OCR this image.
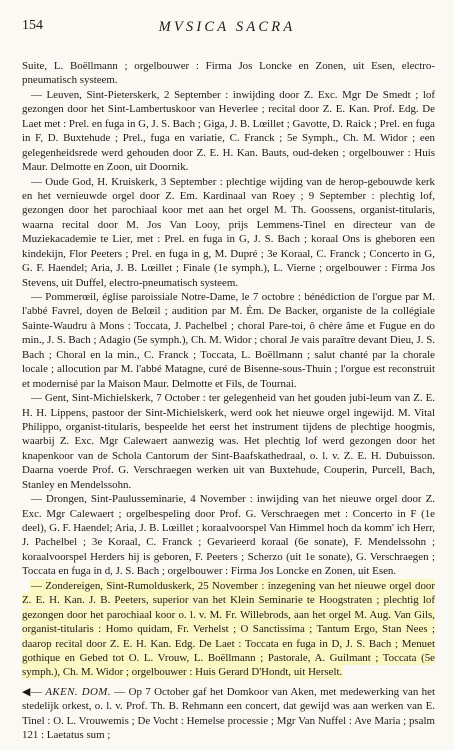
154	MVSICA SACRA

Suite, L. Boëllmann ; orgelbouwer : Firma Jos Loncke en Zonen, uit Esen, electro-pneumatisch systeem.

— Leuven, Sint-Pieterskerk, 2 September : inwijding door Z. Exc. Mgr De Smedt ; lof gezongen door het Sint-Lambertuskoor van Heverlee ; recital door Z. E. Kan. Prof. Edg. De Laet met : Prel. en fuga in G, J. S. Bach ; Giga, J. B. Lœillet ; Gavotte, D. Raick ; Prel. en fuga in F, D. Buxtehude ; Prel., fuga en variatie, C. Franck ; 5e Symph., Ch. M. Widor ; een gelegenheidsrede werd gehouden door Z. E. H. Kan. Bauts, oud-deken ; orgelbouwer : Huis Maur. Delmotte en Zoon, uit Doornik.

— Oude God, H. Kruiskerk, 3 September : plechtige wijding van de herop-gebouwde kerk en het vernieuwde orgel door Z. Em. Kardinaal van Roey ; 9 September : plechtig lof, gezongen door het parochiaal koor met aan het orgel M. Th. Goossens, organist-titularis, waarna recital door M. Jos Van Looy, prijs Lemmens-Tinel en directeur van de Muziekacademie te Lier, met : Prel. en fuga in G, J. S. Bach ; koraal Ons is gheboren een kindekijn, Flor Peeters ; Prel. en fuga in g, M. Dupré ; 3e Koraal, C. Franck ; Concerto in G, G. F. Haendel; Aria, J. B. Lœillet ; Finale (1e symph.), L. Vierne ; orgelbouwer : Firma Jos Stevens, uit Duffel, electro-pneumatisch systeem.

— Pommerœil, église paroissiale Notre-Dame, le 7 octobre : bénédiction de l'orgue par M. l'abbé Favrel, doyen de Belœil ; audition par M. Ém. De Backer, organiste de la collégiale Sainte-Waudru à Mons : Toccata, J. Pachelbel ; choral Pare-toi, ô chère âme et Fugue en do min., J. S. Bach ; Adagio (5e symph.), Ch. M. Widor ; choral Je vais paraître devant Dieu, J. S. Bach ; Choral en la min., C. Franck ; Toccata, L. Boëllmann ; salut chanté par la chorale locale ; allocution par M. l'abbé Matagne, curé de Bisenne-sous-Thuin ; l'orgue est reconstruit et modernisé par la Maison Maur. Delmotte et Fils, de Tournai.

— Gent, Sint-Michielskerk, 7 October : ter gelegenheid van het gouden jubi-leum van Z. E. H. H. Lippens, pastoor der Sint-Michielskerk, werd ook het nieuwe orgel ingewijd. M. Vital Philippo, organist-titularis, bespeelde het eerst het instrument tijdens de plechtige hoogmis, waarbij Z. Exc. Mgr Calewaert aanwezig was. Het plechtig lof werd gezongen door het knapenkoor van de Schola Cantorum der Sint-Baafskathedraal, o. l. v. Z. E. H. Dubuisson. Daarna voerde Prof. G. Verschraegen werken uit van Buxtehude, Couperin, Purcell, Bach, Stanley en Mendelssohn.

— Drongen, Sint-Paulusseminarie, 4 November : inwijding van het nieuwe orgel door Z. Exc. Mgr Calewaert ; orgelbespeling door Prof. G. Verschraegen met : Concerto in F (1e deel), G. F. Haendel; Aria, J. B. Lœillet ; koraalvoorspel Van Himmel hoch da komm' ich Herr, J. Pachelbel ; 3e Koraal, C. Franck ; Gevarieerd koraal (6e sonate), F. Mendelssohn ; koraalvoorspel Herders hij is geboren, F. Peeters ; Scherzo (uit 1e sonate), G. Verschraegen ; Toccata en fuga in d, J. S. Bach ; orgelbouwer : Firma Jos Loncke en Zonen, uit Esen.

— Zondereigen, Sint-Rumolduskerk, 25 November : inzegening van het nieuwe orgel door Z. E. H. Kan. J. B. Peeters, superior van het Klein Seminarie te Hoogstraten ; plechtig lof gezongen door het parochiaal koor o. l. v. M. Fr. Willebrods, aan het orgel M. Aug. Van Gils, organist-titularis : Homo quidam, Fr. Verhelst ; O Sanctissima ; Tantum Ergo, Stan Nees ; daarop recital door Z. E. H. Kan. Edg. De Laet : Toccata en fuga in D, J. S. Bach ; Menuet gothique en Gebed tot O. L. Vrouw, L. Boëllmann ; Pastorale, A. Guilmant ; Toccata (5e symph.), Ch. M. Widor ; orgelbouwer : Huis Gerard D'Hondt, uit Herselt.

◀— AKEN. DOM. — Op 7 October gaf het Domkoor van Aken, met medewerking van het stedelijk orkest, o. l. v. Prof. Th. B. Rehmann een concert, dat gewijd was aan werken van E. Tinel : O. L. Vrouwemis ; De Vocht : Hemelse processie ; Mgr Van Nuffel : Ave Maria ; psalm 121 : Laetatus sum ;
